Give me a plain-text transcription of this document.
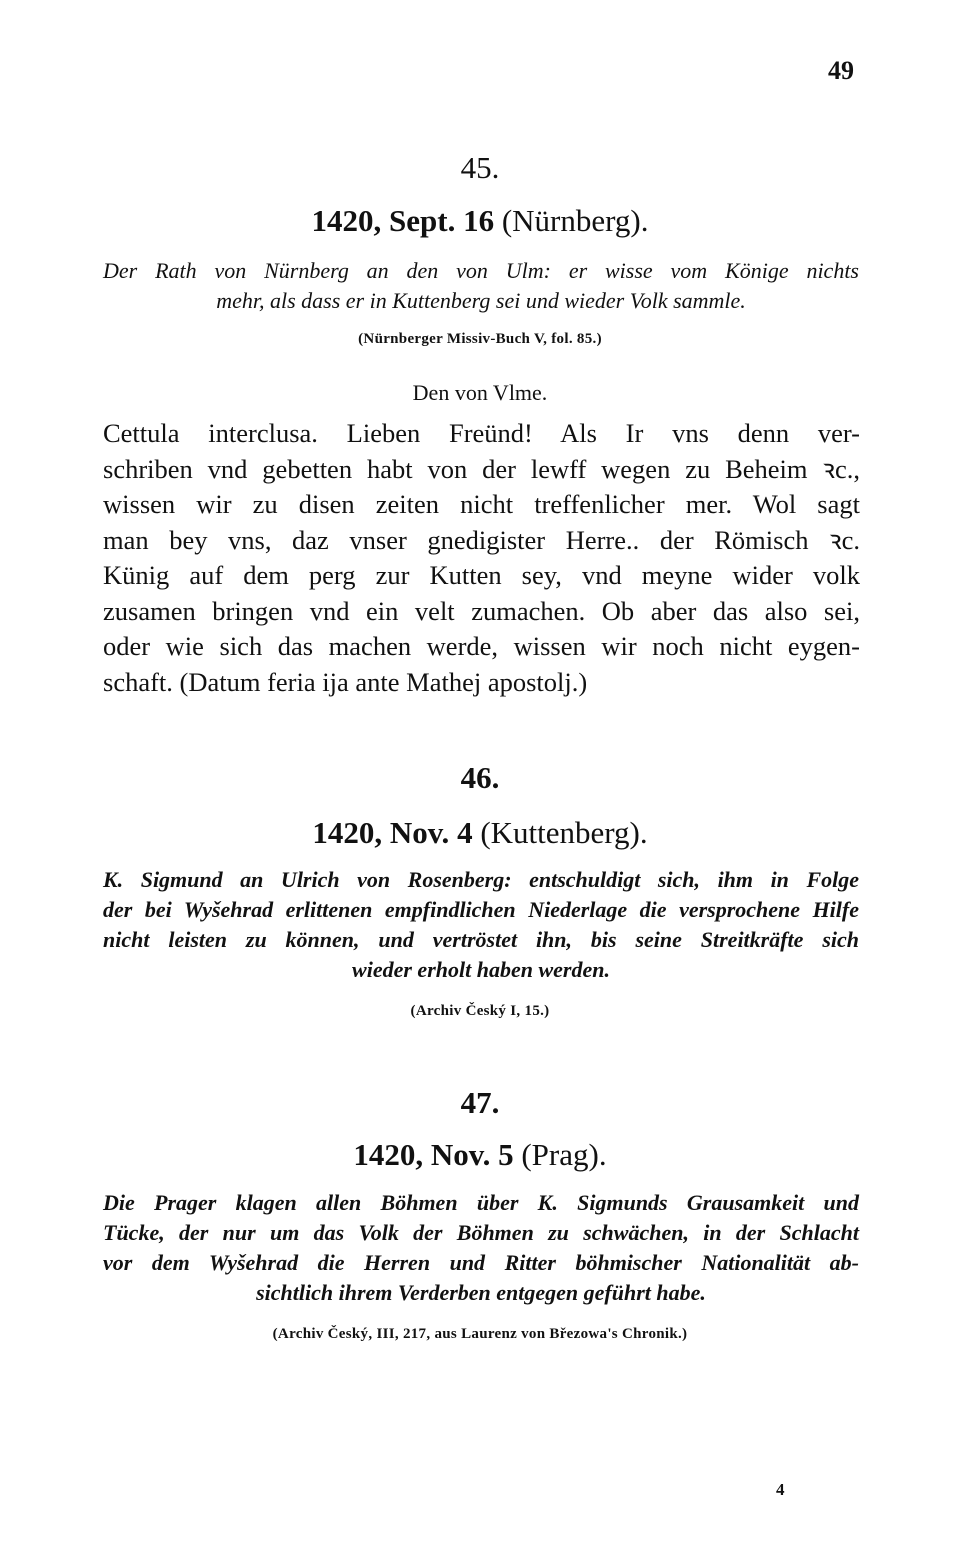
49
45.
1420, Sept. 16 (Nürnberg).
Der Rath von Nürnberg an den von Ulm: er wisse vom Könige nichts
mehr, als dass er in Kuttenberg sei und wieder Volk sammle.
(Nürnberger Missiv-Buch V, fol. 85.)
Den von Vlme.
Cettula interclusa. Lieben Freünd! Als Ir vns denn ver-
schriben vnd gebetten habt von der lewff wegen zu Beheim ꝛc.,
wissen wir zu disen zeiten nicht treffenlicher mer. Wol sagt
man bey vns, daz vnser gnedigister Herre.. der Römisch ꝛc.
Künig auf dem perg zur Kutten sey, vnd meyne wider volk
zusamen bringen vnd ein velt zumachen. Ob aber das also sei,
oder wie sich das machen werde, wissen wir noch nicht eygen-
schaft. (Datum feria ija ante Mathej apostolj.)
46.
1420, Nov. 4 (Kuttenberg).
K. Sigmund an Ulrich von Rosenberg: entschuldigt sich, ihm in Folge
der bei Wyšehrad erlittenen empfindlichen Niederlage die versprochene Hilfe
nicht leisten zu können, und vertröstet ihn, bis seine Streitkräfte sich
wieder erholt haben werden.
(Archiv Český I, 15.)
47.
1420, Nov. 5 (Prag).
Die Prager klagen allen Böhmen über K. Sigmunds Grausamkeit und
Tücke, der nur um das Volk der Böhmen zu schwächen, in der Schlacht
vor dem Wyšehrad die Herren und Ritter böhmischer Nationalität ab-
sichtlich ihrem Verderben entgegen geführt habe.
(Archiv Český, III, 217, aus Laurenz von Březowa's Chronik.)
4
